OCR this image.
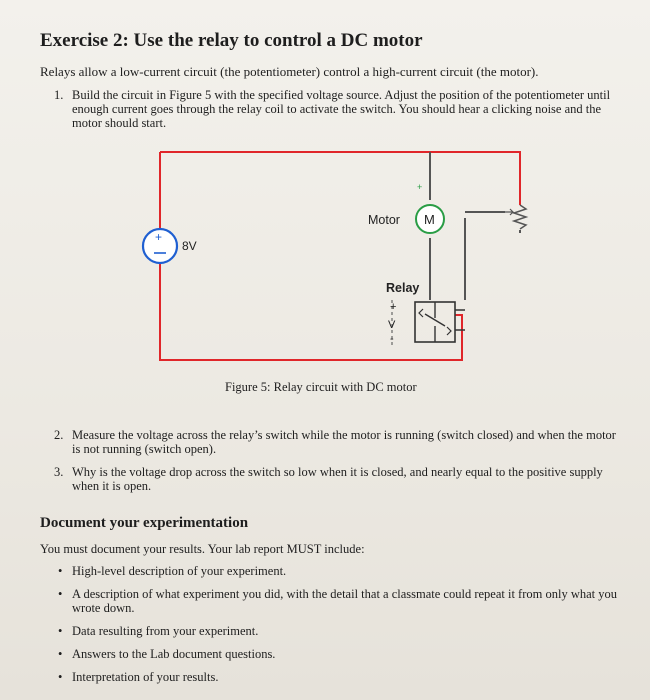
Exercise 2: Use the relay to control a DC motor
Relays allow a low-current circuit (the potentiometer) control a high-current circuit (the motor).
1. Build the circuit in Figure 5 with the specified voltage source. Adjust the position of the potentiometer until enough current goes through the relay coil to activate the switch. You should hear a clicking noise and the motor should start.
+
8V
Motor M
+
Relay
+
V
-
Figure 5: Relay circuit with DC motor
2. Measure the voltage across the relay’s switch while the motor is running (switch closed) and when the motor is not running (switch open).
3. Why is the voltage drop across the switch so low when it is closed, and nearly equal to the positive supply when it is open.
Document your experimentation
You must document your results. Your lab report MUST include:
• High-level description of your experiment.
• A description of what experiment you did, with the detail that a classmate could repeat it from only what you wrote down.
• Data resulting from your experiment.
• Answers to the Lab document questions.
• Interpretation of your results.
